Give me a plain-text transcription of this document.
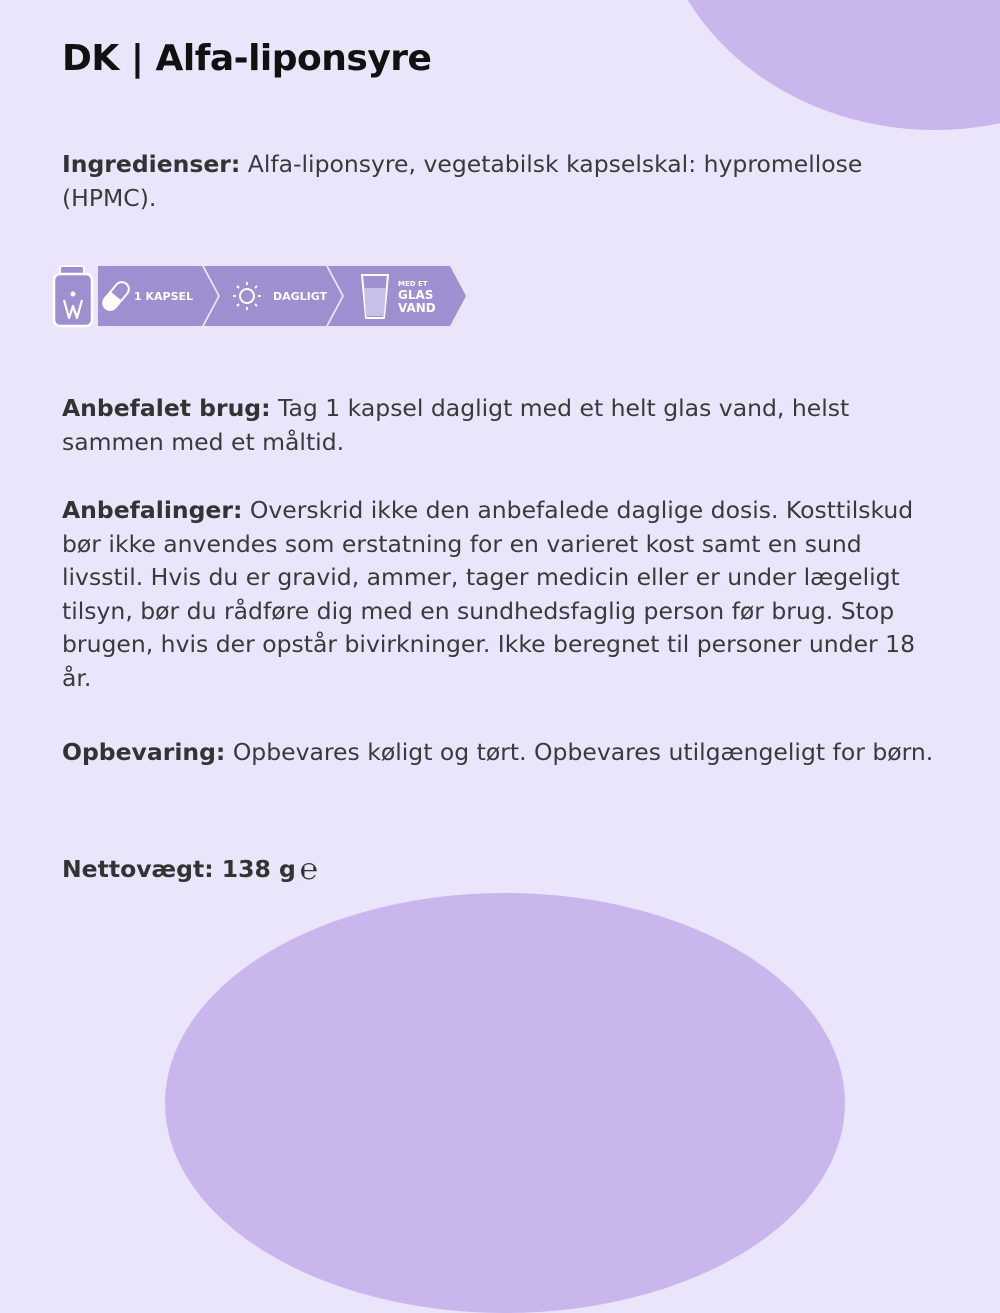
DK | Alfa-liponsyre

Ingredienser: Alfa-liponsyre, vegetabilsk kapselskal: hypromellose (HPMC).

1 KAPSEL	DAGLIGT
MED ET
GLAS
VAND

Anbefalet brug: Tag 1 kapsel dagligt med et helt glas vand, helst sammen med et måltid.

Anbefalinger: Overskrid ikke den anbefalede daglige dosis. Kosttilskud bør ikke anvendes som erstatning for en varieret kost samt en sund livsstil. Hvis du er gravid, ammer, tager medicin eller er under lægeligt tilsyn, bør du rådføre dig med en sundhedsfaglig person før brug. Stop brugen, hvis der opstår bivirkninger. Ikke beregnet til personer under 18 år.

Opbevaring: Opbevares køligt og tørt. Opbevares utilgængeligt for børn.

Nettovægt: 138 g ℮
